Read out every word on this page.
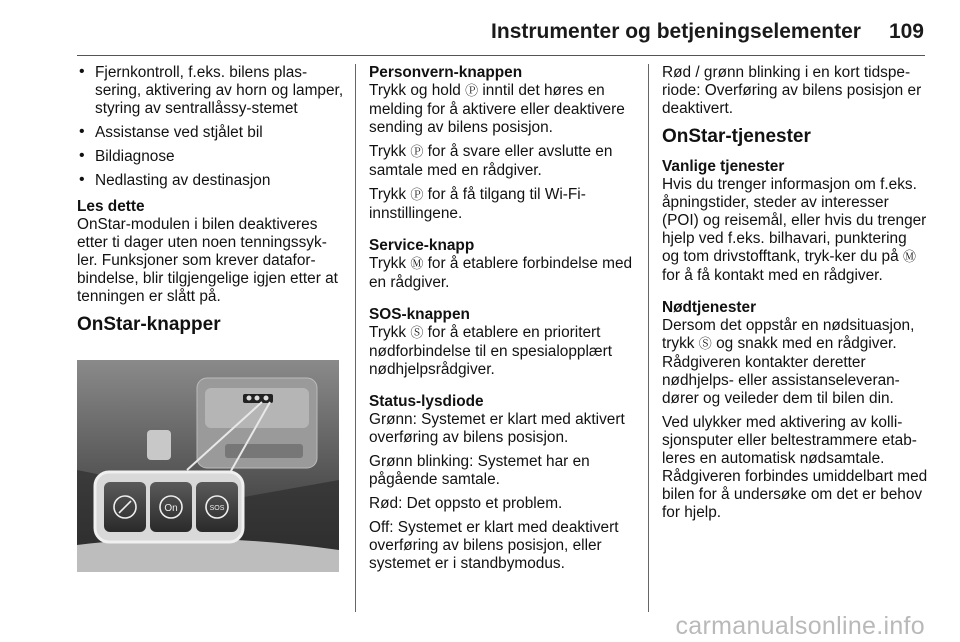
Instrumenter og betjeningselementer 109
• Fjernkontroll, f.eks. bilens plas-sering, aktivering av horn og lamper, styring av sentrallåssy-stemet
• Assistanse ved stjålet bil
• Bildiagnose
• Nedlasting av destinasjon
Les dette
OnStar-modulen i bilen deaktiveres etter ti dager uten noen tenningssyk-ler. Funksjoner som krever datafor-bindelse, blir tilgjengelige igjen etter at tenningen er slått på.
OnStar-knapper
On	SOS
Personvern-knappen
Trykk og hold Ⓟ inntil det høres en melding for å aktivere eller deaktivere sending av bilens posisjon.
Trykk Ⓟ for å svare eller avslutte en samtale med en rådgiver.
Trykk Ⓟ for å få tilgang til Wi-Fi-innstillingene.
Service-knapp
Trykk Ⓜ for å etablere forbindelse med en rådgiver.
SOS-knappen
Trykk Ⓢ for å etablere en prioritert nødforbindelse til en spesialopplært nødhjelpsrådgiver.
Status-lysdiode
Grønn: Systemet er klart med aktivert overføring av bilens posisjon.
Grønn blinking: Systemet har en pågående samtale.
Rød: Det oppsto et problem.
Off: Systemet er klart med deaktivert overføring av bilens posisjon, eller systemet er i standbymodus.
Rød / grønn blinking i en kort tidspe-riode: Overføring av bilens posisjon er deaktivert.
OnStar-tjenester
Vanlige tjenester
Hvis du trenger informasjon om f.eks. åpningstider, steder av interesser (POI) og reisemål, eller hvis du trenger hjelp ved f.eks. bilhavari, punktering og tom drivstofftank, tryk-ker du på Ⓜ for å få kontakt med en rådgiver.
Nødtjenester
Dersom det oppstår en nødsituasjon, trykk Ⓢ og snakk med en rådgiver. Rådgiveren kontakter deretter nødhjelps- eller assistanseleveran-dører og veileder dem til bilen din.
Ved ulykker med aktivering av kolli-sjonsputer eller beltestrammere etab-leres en automatisk nødsamtale. Rådgiveren forbindes umiddelbart med bilen for å undersøke om det er behov for hjelp.
carmanualsonline.info
